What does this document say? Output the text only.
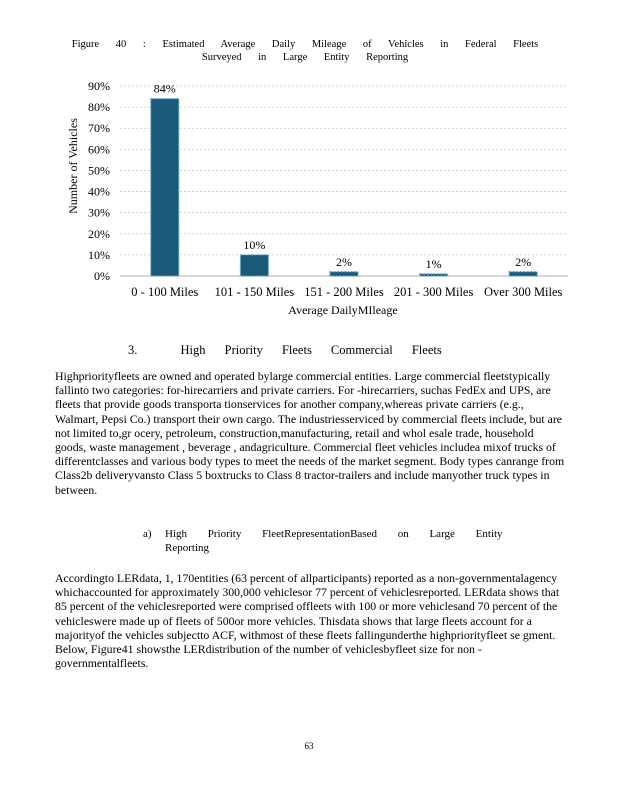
Figure 40 : Estimated Average Daily Mileage of Vehicles in Federal Fleets Surveyed in Large Entity Reporting
0%
10%
20%
30%
40%
50%
60%
70%
80%
90%	84%
10%
2%	1%	2%
0 - 100 Miles 101 - 150 Miles 151 - 200 Miles 201 - 300 Miles Over 300 Miles
Number of Vehicles
Average DailyMIleage
3.	High Priority Fleets Commercial Fleets
Highpriorityfleets are owned and operated bylarge commercial entities. Large commercial fleetstypically fallinto two categories: for-hirecarriers and private carriers. For -hirecarriers, suchas FedEx and UPS, are fleets that provide goods transporta tionservices for another company,whereas private carriers (e.g., Walmart, Pepsi Co.) transport their own cargo. The industriesserviced by commercial fleets include, but are not limited to,gr ocery, petroleum, construction,manufacturing, retail and whol esale trade, household goods, waste management , beverage , andagriculture. Commercial fleet vehicles includea mixof trucks of differentclasses and various body types to meet the needs of the market segment. Body types canrange from Class2b deliveryvansto Class 5 boxtrucks to Class 8 tractor-trailers and include manyother truck types in between.
a)	High Priority FleetRepresentationBased on Large Entity Reporting
Accordingto LERdata, 1, 170entities (63 percent of allparticipants) reported as a non-governmentalagency whichaccounted for approximately 300,000 vehiclesor 77 percent of vehiclesreported. LERdata shows that 85 percent of the vehiclesreported were comprised offleets with 100 or more vehiclesand 70 percent of the vehicleswere made up of fleets of 500or more vehicles. Thisdata shows that large fleets account for a majorityof the vehicles subjectto ACF, withmost of these fleets fallingunderthe highpriorityfleet se gment. Below, Figure41 showsthe LERdistribution of the number of vehiclesbyfleet size for non - governmentalfleets.
63
